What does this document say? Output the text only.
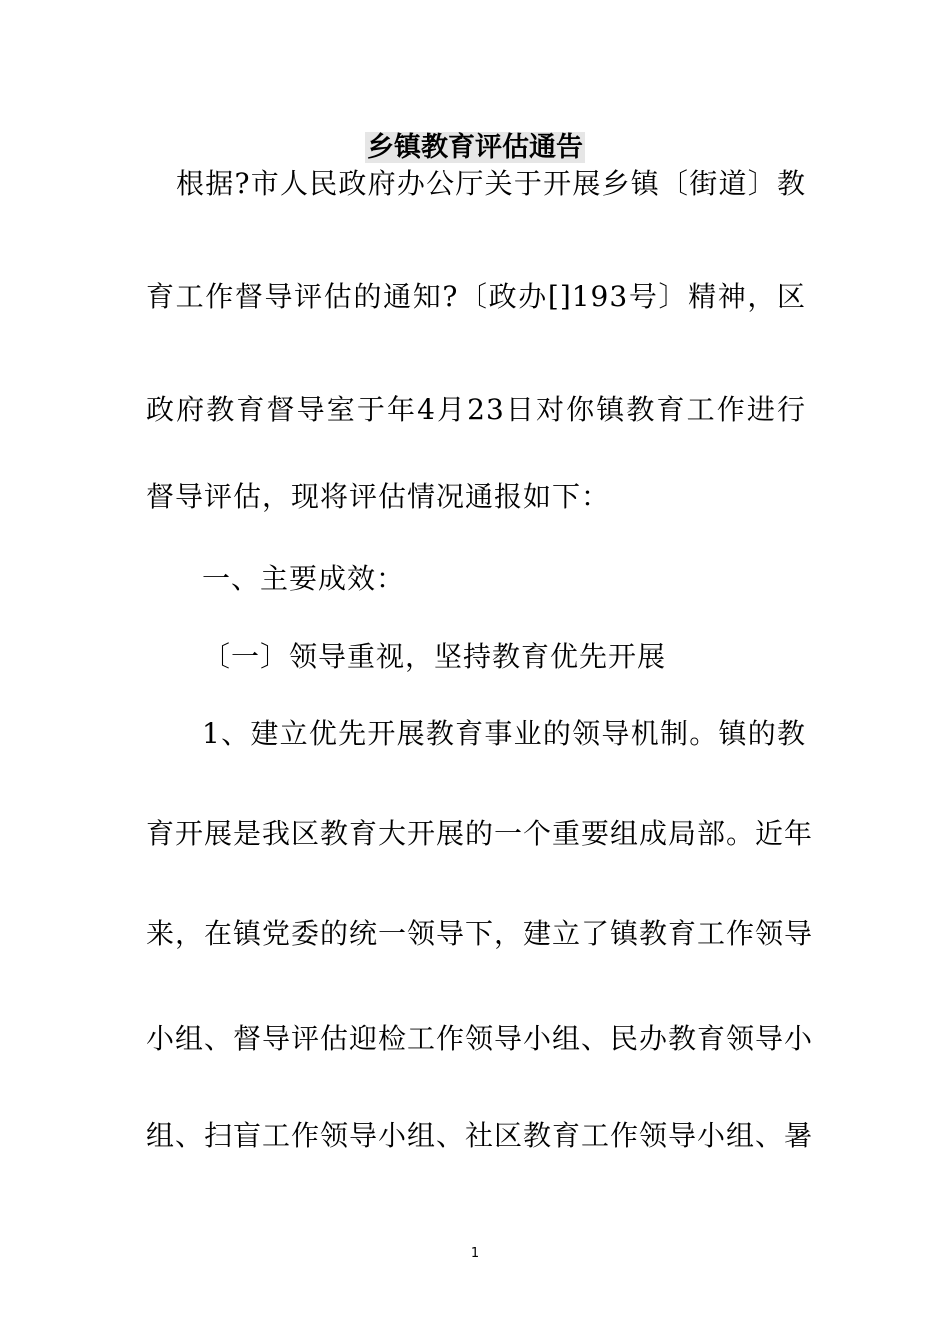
乡镇教育评估通告
根据?市人民政府办公厅关于开展乡镇〔街道〕教
育工作督导评估的通知?〔政办[]193号〕精神，区
政府教育督导室于年4月23日对你镇教育工作进行
督导评估，现将评估情况通报如下：
一、主要成效：
〔一〕领导重视，坚持教育优先开展
1、建立优先开展教育事业的领导机制。镇的教
育开展是我区教育大开展的一个重要组成局部。近年
来，在镇党委的统一领导下，建立了镇教育工作领导
小组、督导评估迎检工作领导小组、民办教育领导小
组、扫盲工作领导小组、社区教育工作领导小组、暑
1
